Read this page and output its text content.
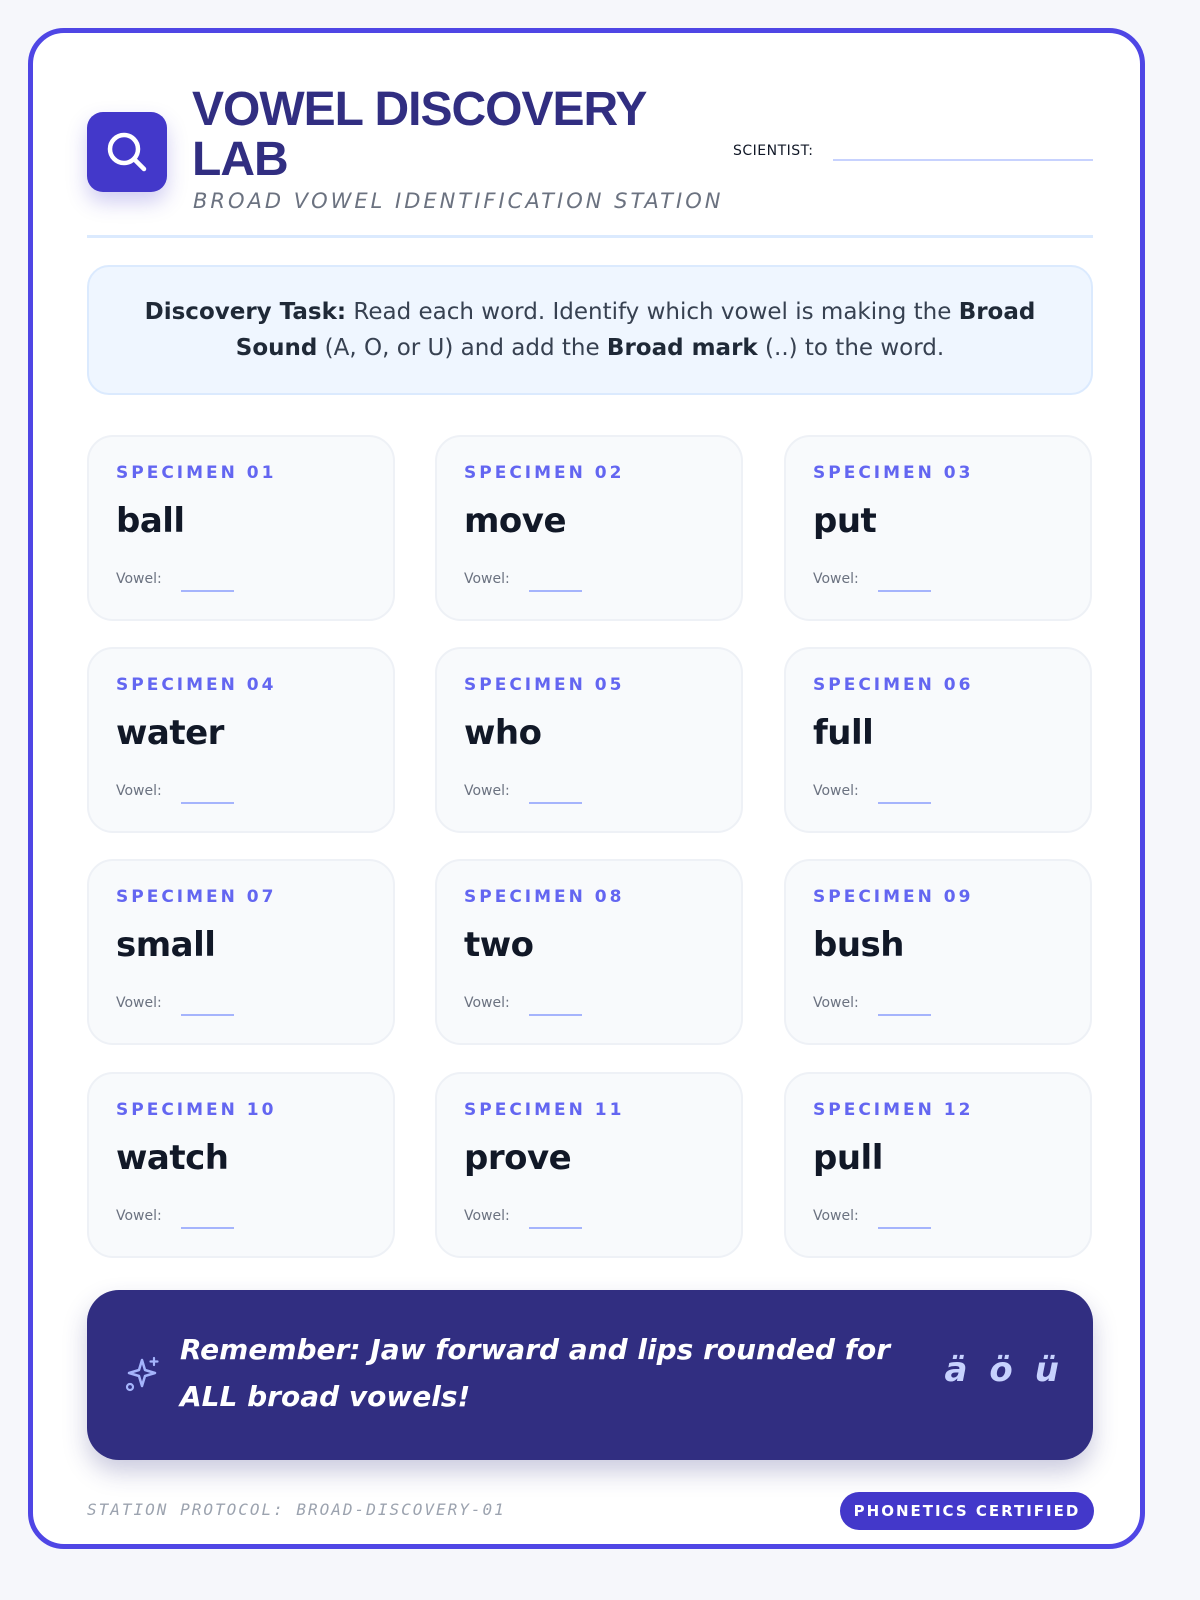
VOWEL DISCOVERY LAB
BROAD VOWEL IDENTIFICATION STATION
SCIENTIST:
Discovery Task: Read each word. Identify which vowel is making the Broad Sound (A, O, or U) and add the Broad mark (..) to the word.
SPECIMEN 01
ball
Vowel:
SPECIMEN 02
move
Vowel:
SPECIMEN 03
put
Vowel:
SPECIMEN 04
water
Vowel:
SPECIMEN 05
who
Vowel:
SPECIMEN 06
full
Vowel:
SPECIMEN 07
small
Vowel:
SPECIMEN 08
two
Vowel:
SPECIMEN 09
bush
Vowel:
SPECIMEN 10
watch
Vowel:
SPECIMEN 11
prove
Vowel:
SPECIMEN 12
pull
Vowel:
Remember: Jaw forward and lips rounded for ALL broad vowels!
ä ö ü
STATION PROTOCOL: BROAD-DISCOVERY-01	PHONETICS CERTIFIED
